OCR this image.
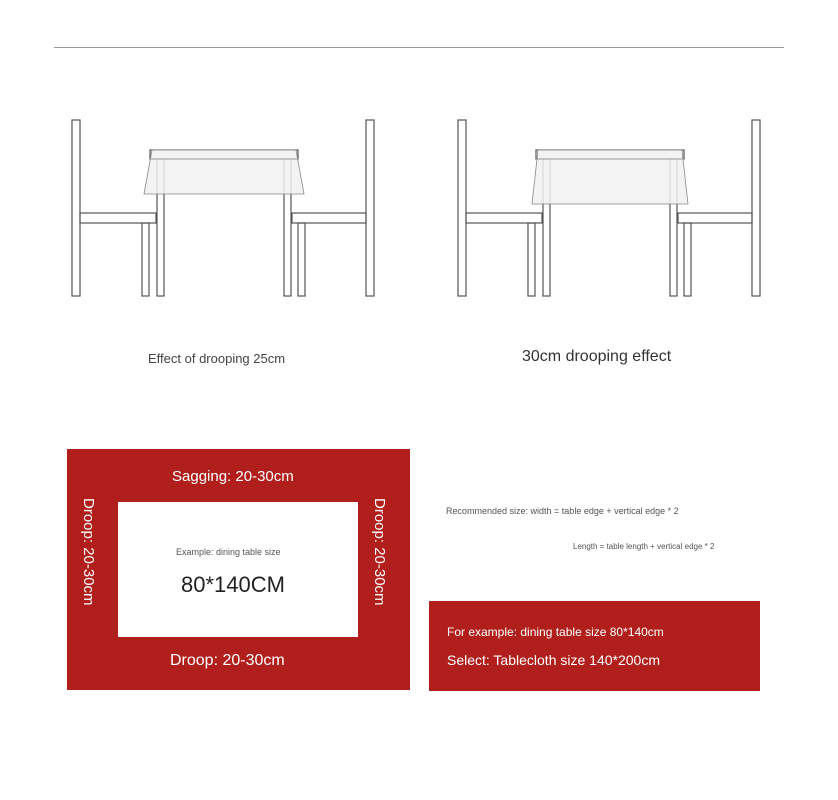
Effect of drooping 25cm	30cm drooping effect
Sagging: 20-30cm
Droop: 20-30cm	Droop: 20-30cm
Droop: 20-30cm
Example: dining table size
80*140CM
Recommended size: width = table edge + vertical edge * 2
Length = table length + vertical edge * 2
For example: dining table size 80*140cm
Select: Tablecloth size 140*200cm
